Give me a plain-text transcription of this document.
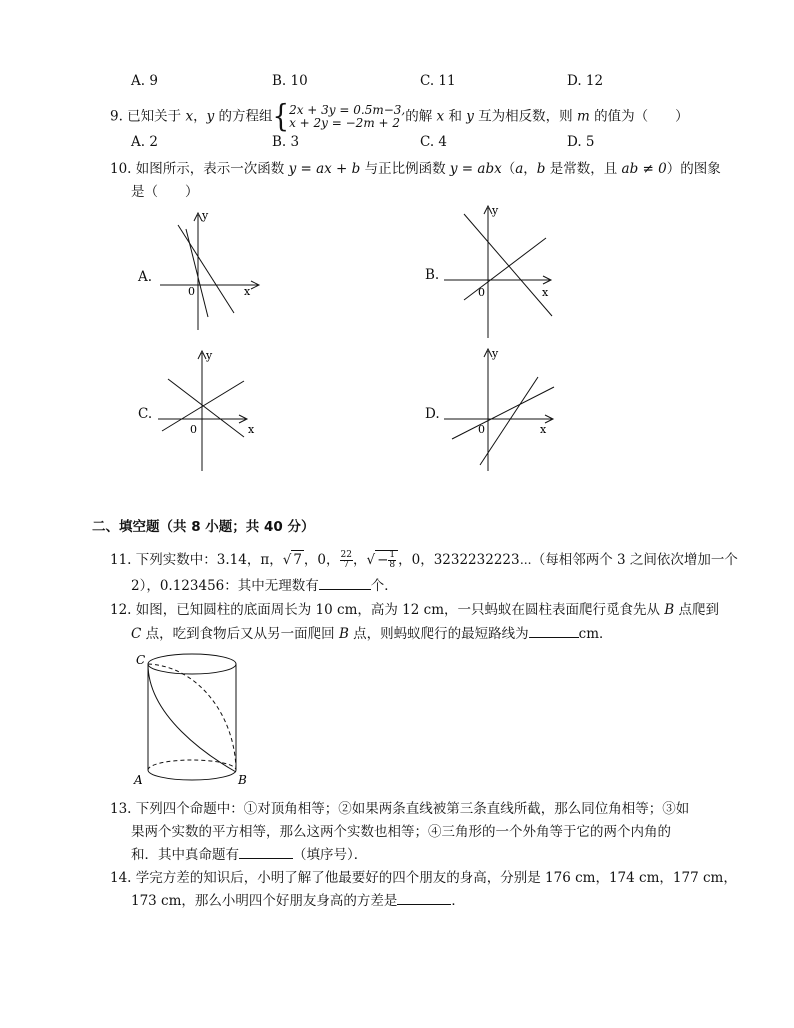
A. 9	B. 10	C. 11	D. 12
9. 已知关于 x，y 的方程组{ 2x + 3y = 0.5m−3,
x + 2y = −2m + 2 的解 x 和 y 互为相反数，则 m 的值为（　　）
A. 2	B. 3	C. 4	D. 5
10. 如图所示，表示一次函数 y = ax + b 与正比例函数 y = abx（a，b 是常数，且 ab ≠ 0）的图象
是（　　）
A.
y
x
0
B.
y
x
0
C.
y
x
0
D.
y
x
0
二、填空题（共 8 小题；共 40 分）
11. 下列实数中：3.14，π，√ 7 ，0， $\frac{22}{7}$ ，√ − $\frac{1}{8}$ ，0，3232232223⋯（每相邻两个 3 之间依次增加一个
2），0.123456：其中无理数有	个．
12. 如图，已知圆柱的底面周长为 10 cm，高为 12 cm，一只蚂蚁在圆柱表面爬行觅食先从 B 点爬到
C 点，吃到食物后又从另一面爬回 B 点，则蚂蚁爬行的最短路线为	cm．
C
A	B
13. 下列四个命题中：①对顶角相等；②如果两条直线被第三条直线所截，那么同位角相等；③如
果两个实数的平方相等，那么这两个实数也相等；④三角形的一个外角等于它的两个内角的
和．其中真命题有	（填序号）．
14. 学完方差的知识后，小明了解了他最要好的四个朋友的身高，分别是 176 cm，174 cm，177 cm，
173 cm，那么小明四个好朋友身高的方差是	．
